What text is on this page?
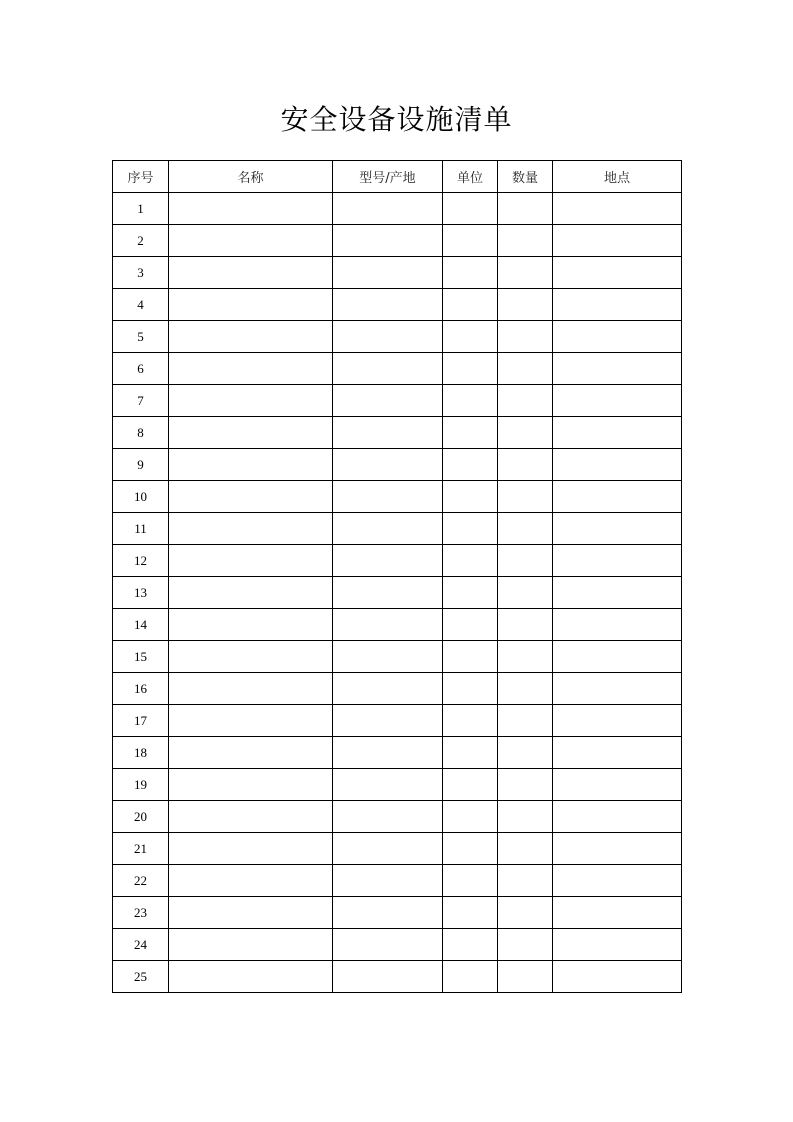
安全设备设施清单
序号	名称	型号/产地	单位	数量	地点
1					
2					
3					
4					
5					
6					
7					
8					
9					
10					
11					
12					
13					
14					
15					
16					
17					
18					
19					
20					
21					
22					
23					
24					
25					
